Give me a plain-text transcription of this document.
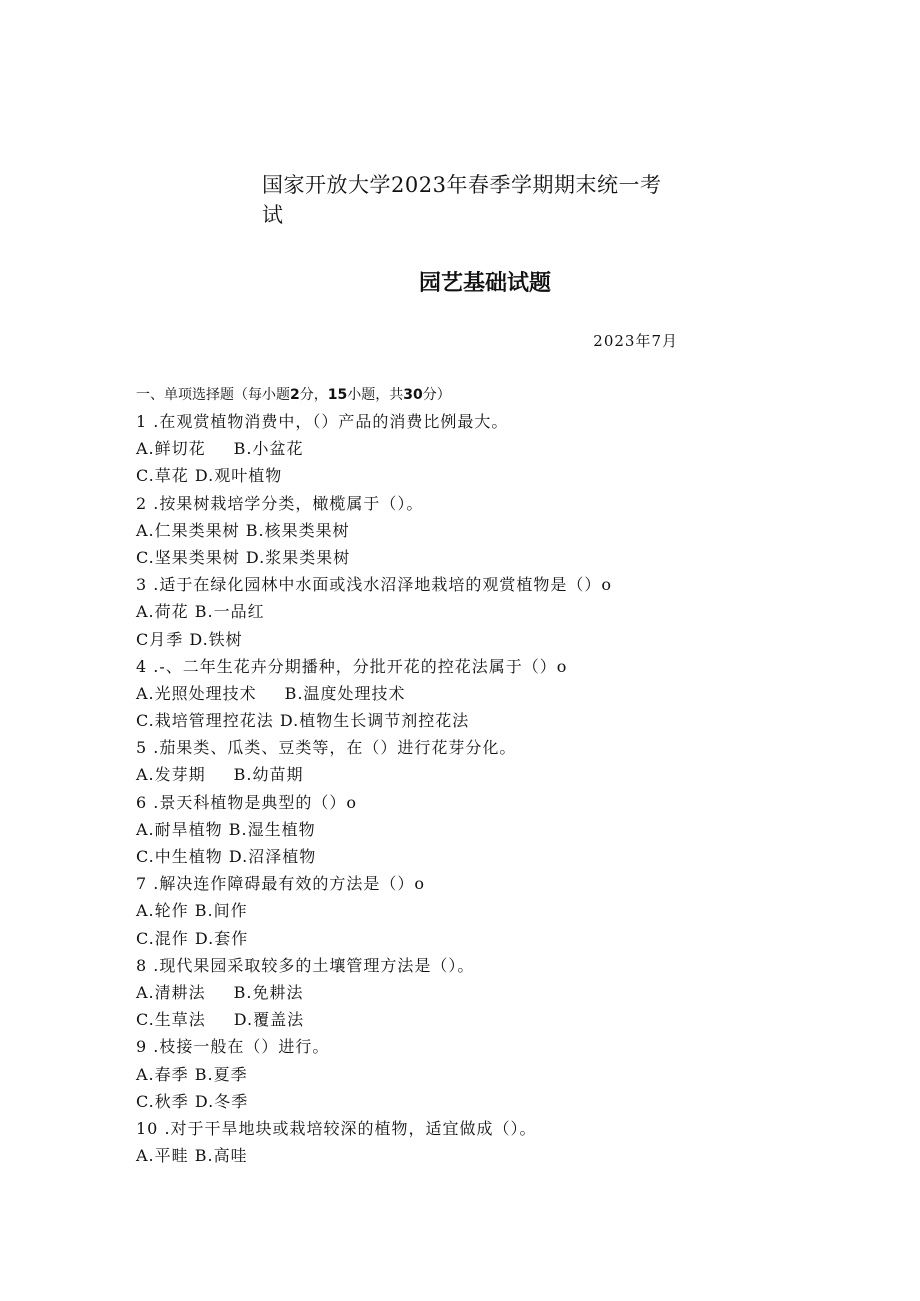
国家开放大学2023年春季学期期末统一考
试
园艺基础试题
2023年7月
一、单项选择题（每小题2分，15小题，共30分）
1 .在观赏植物消费中，（）产品的消费比例最大。
A.鲜切花 B.小盆花
C.草花 D.观叶植物
2 .按果树栽培学分类，橄榄属于（）。
A.仁果类果树 B.核果类果树
C.坚果类果树 D.浆果类果树
3 .适于在绿化园林中水面或浅水沼泽地栽培的观赏植物是（）o
A.荷花 B.一品红
C月季 D.铁树
4 .-、二年生花卉分期播种，分批开花的控花法属于（）o
A.光照处理技术 B.温度处理技术
C.栽培管理控花法 D.植物生长调节剂控花法
5 .茄果类、瓜类、豆类等，在（）进行花芽分化。
A.发芽期 B.幼苗期
6 .景天科植物是典型的（）o
A.耐旱植物 B.湿生植物
C.中生植物 D.沼泽植物
7 .解决连作障碍最有效的方法是（）o
A.轮作 B.间作
C.混作 D.套作
8 .现代果园采取较多的土壤管理方法是（）。
A.清耕法 B.免耕法
C.生草法 D.覆盖法
9 .枝接一般在（）进行。
A.春季 B.夏季
C.秋季 D.冬季
10 .对于干旱地块或栽培较深的植物，适宜做成（）。
A.平畦 B.高哇
